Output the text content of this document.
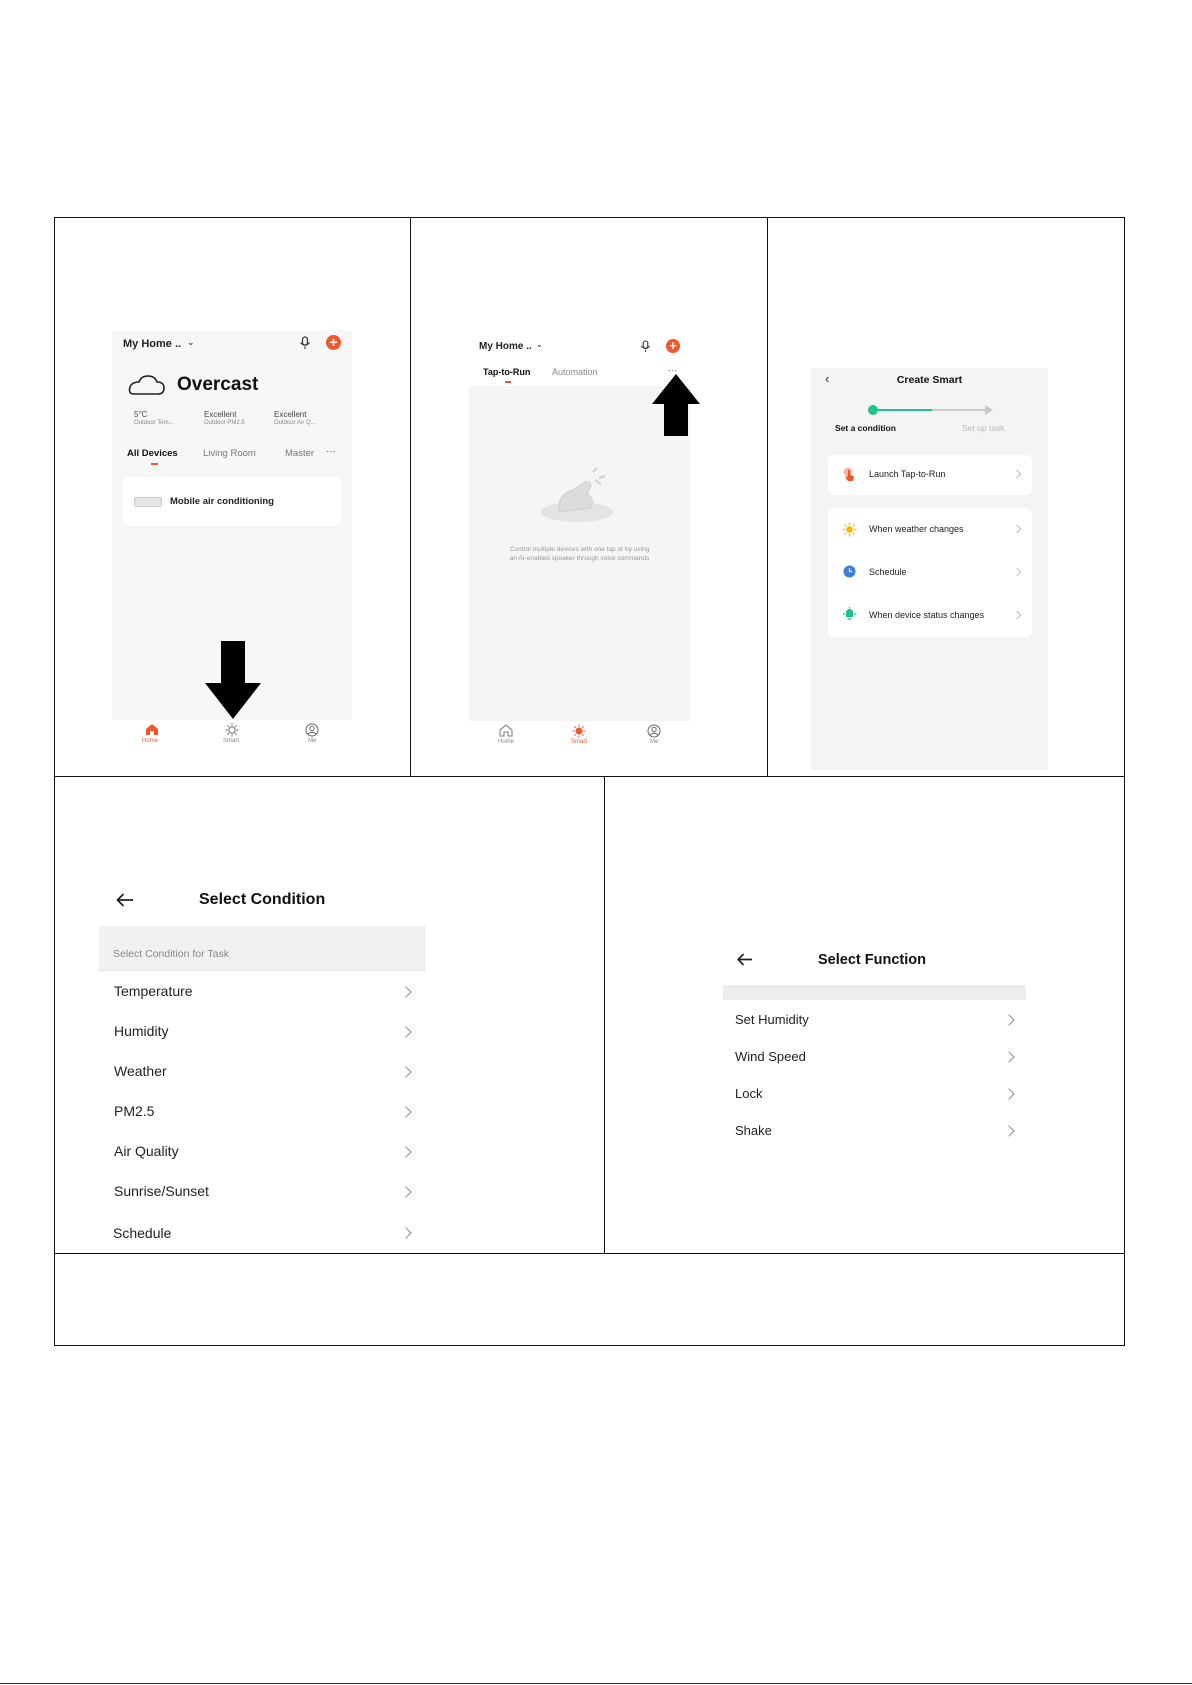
My Home .. ⌄	+
Overcast
5°C
Outdoor Tem...
Excellent
Outdoor PM2.5
Excellent
Outdoor Air Q...
All Devices	Living Room	Master ···
Mobile air conditioning
Home	Smart	Me
My Home .. ⌄	+
Tap-to-Run Automation	···
Control multiple devices with one tap or by using
an AI-enabled speaker through voice commands
Home	Smart	Me
‹	Create Smart
Set a condition	Set up task
Launch Tap-to-Run
When weather changes
Schedule
When device status changes
Select Condition
Select Condition for Task
Temperature
Humidity
Weather
PM2.5
Air Quality
Sunrise/Sunset
Schedule
Select Function
Set Humidity
Wind Speed
Lock
Shake
